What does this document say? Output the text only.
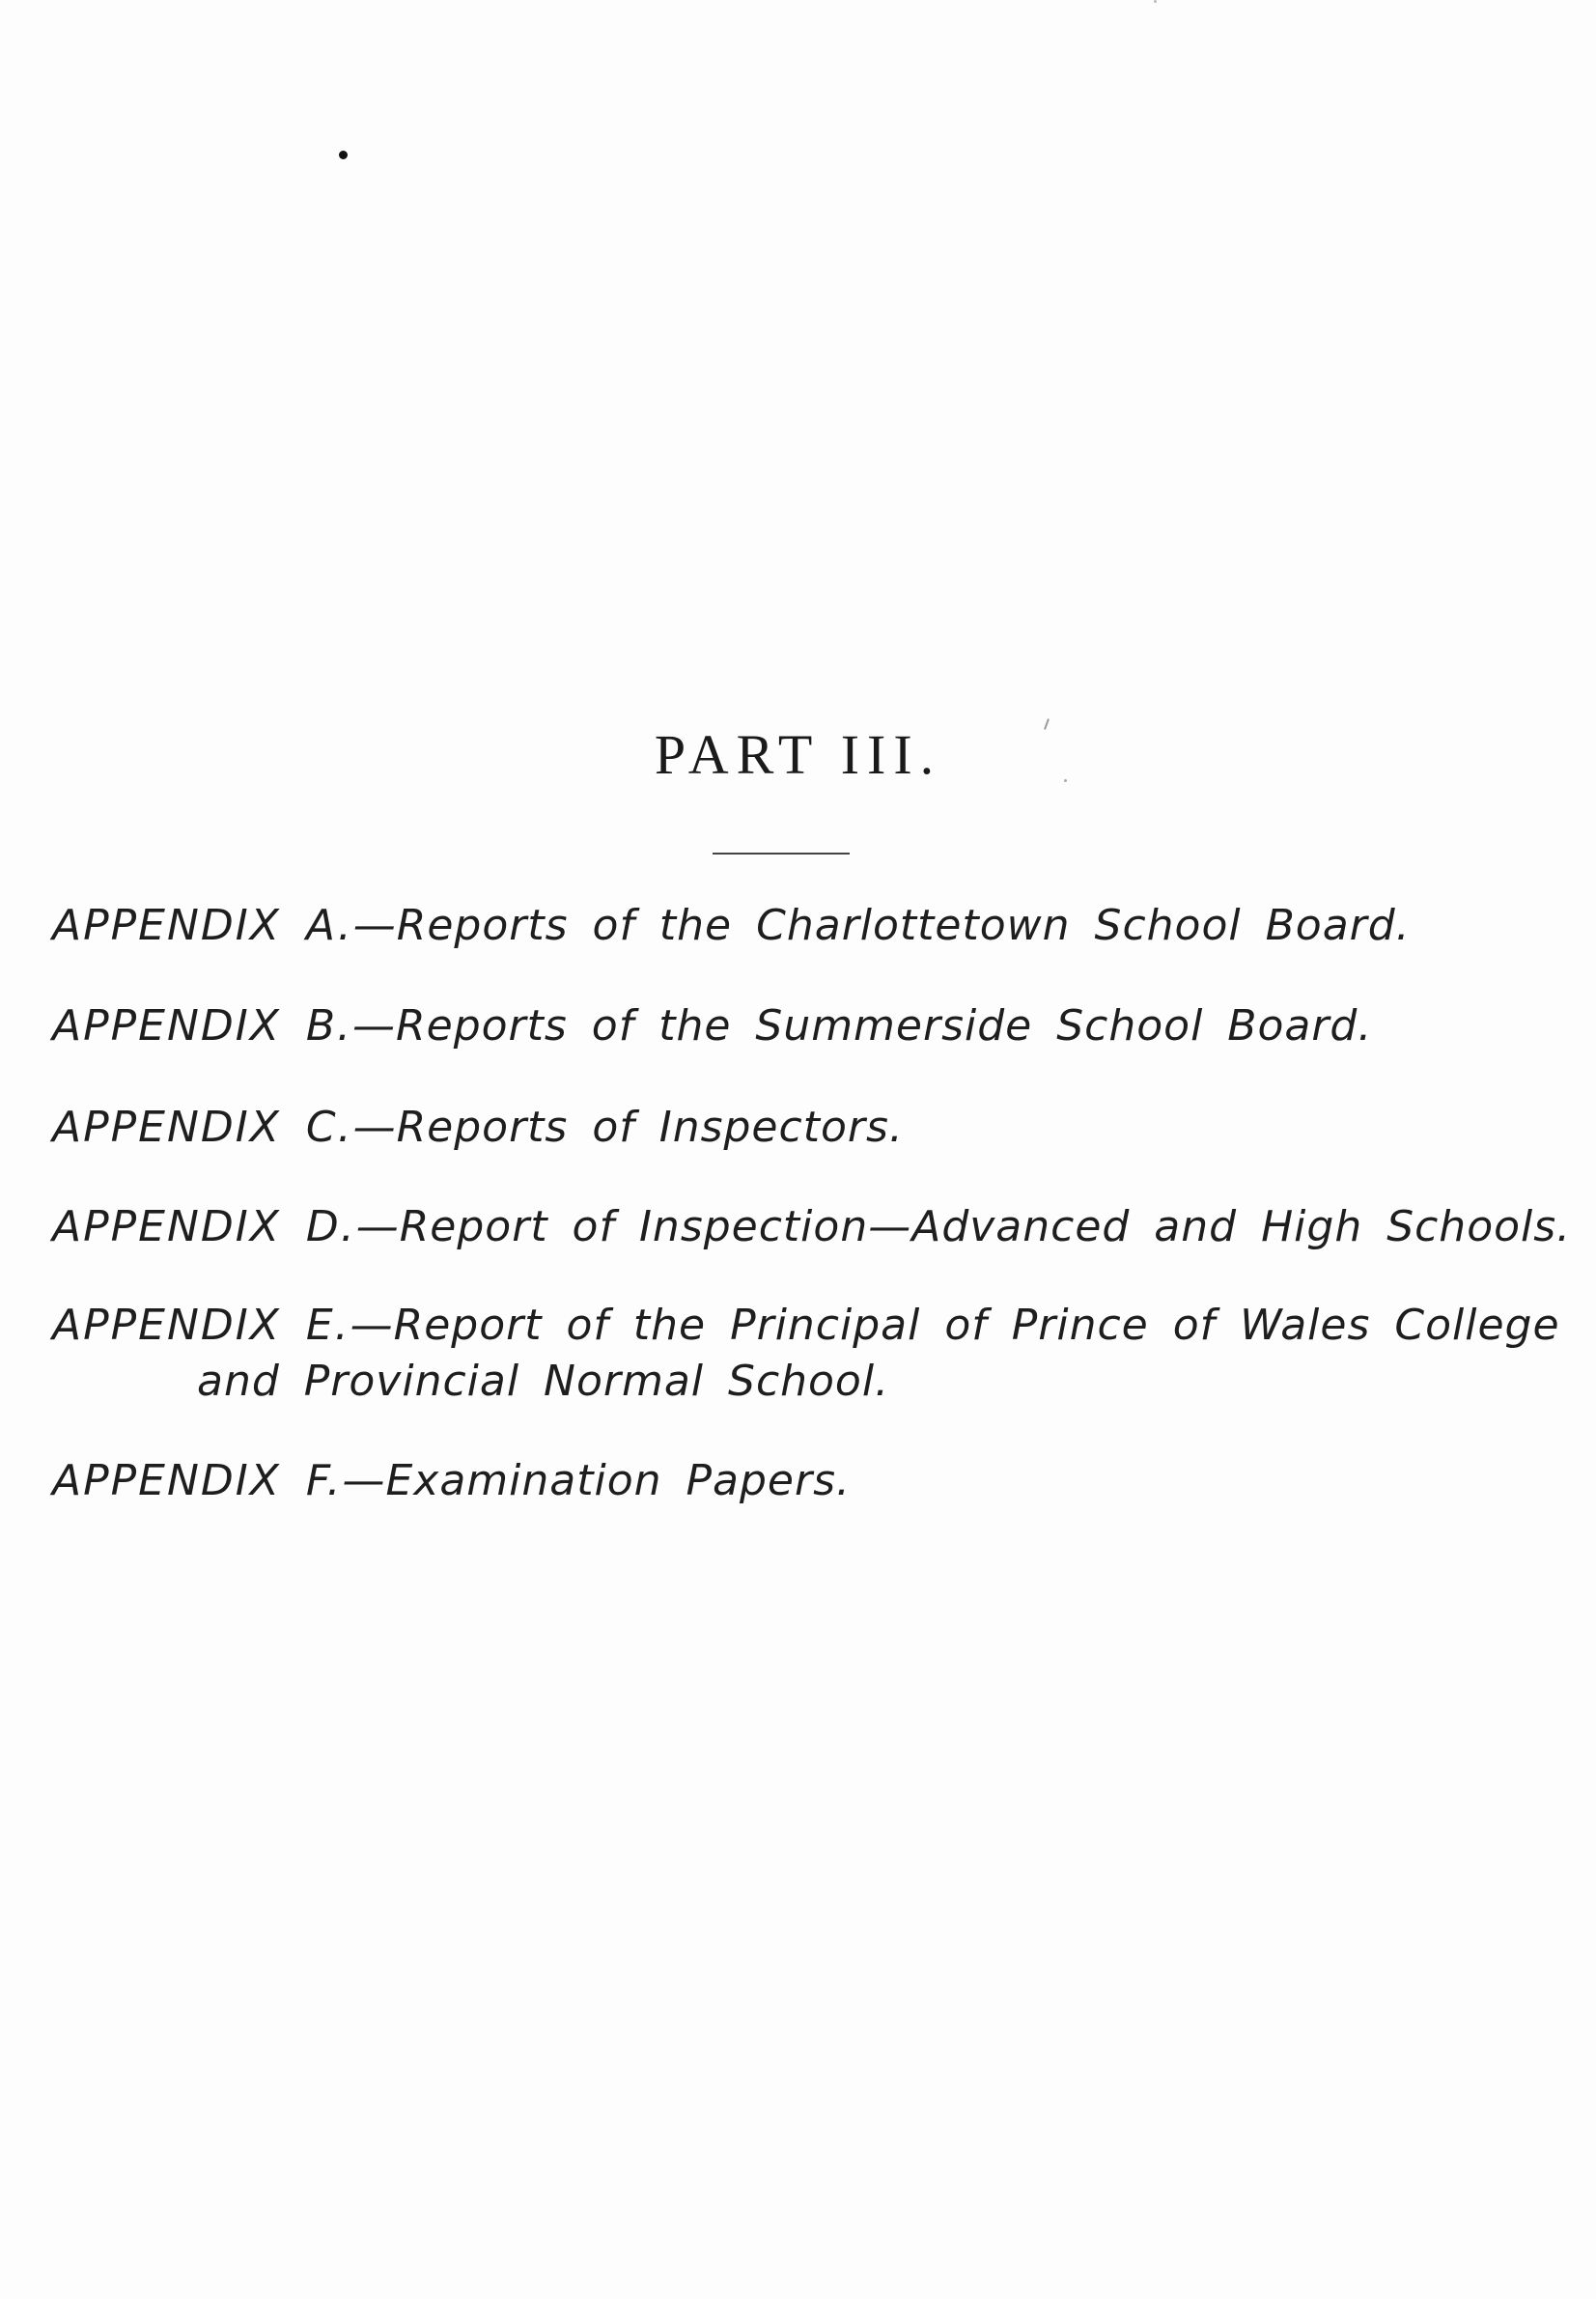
PART III.
APPENDIX A.—Reports of the Charlottetown School Board.
APPENDIX B.—Reports of the Summerside School Board.
APPENDIX C.—Reports of Inspectors.
APPENDIX D.—Report of Inspection—Advanced and High Schools.
APPENDIX E.—Report of the Principal of Prince of Wales College
and Provincial Normal School.
APPENDIX F.—Examination Papers.
